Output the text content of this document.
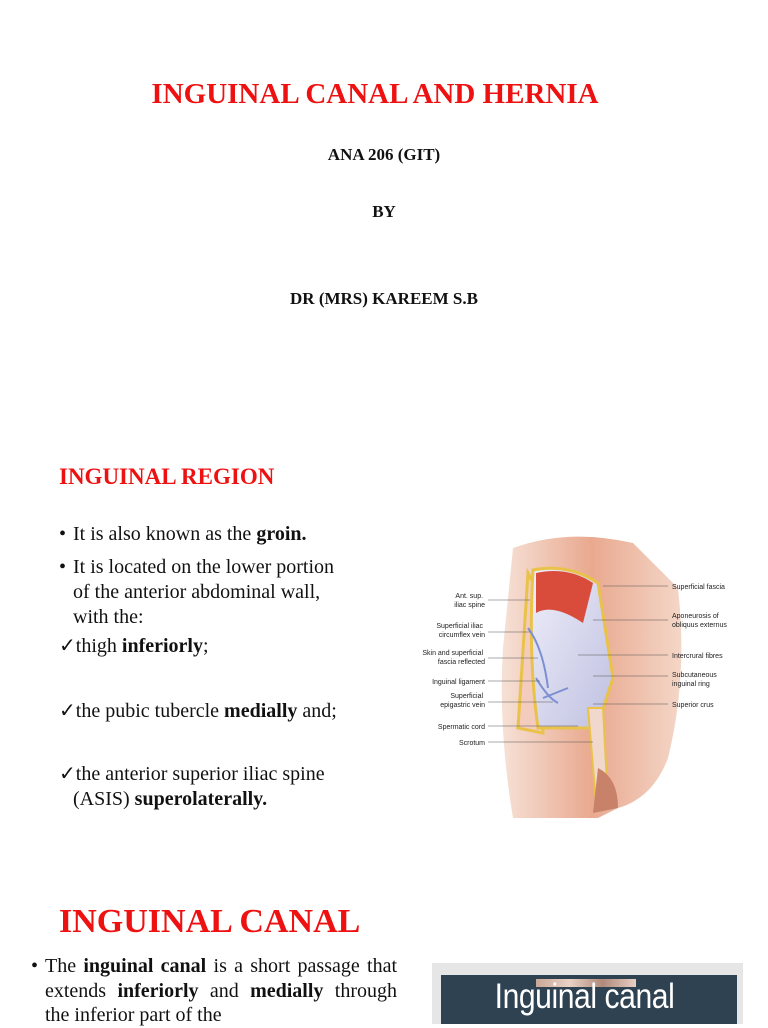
INGUINAL CANAL AND HERNIA
ANA 206 (GIT)
BY
DR (MRS) KAREEM S.B
INGUINAL REGION
• It is also known as the groin.
• It is located on the lower portion
of the anterior abdominal wall,
with the:
✓thigh inferiorly;
✓the pubic tubercle medially and;
✓the anterior superior iliac spine
(ASIS) superolaterally.
Ant. sup. iliac spine
Superficial iliac circumflex vein
Skin and superficial fascia reflected
Inguinal ligament
Superficial epigastric vein
Spermatic cord
Scrotum
Superficial fascia
Aponeurosis of obliquus externus
Intercrural fibres
Subcutaneous inguinal ring
Superior crus
INGUINAL CANAL
• The inguinal canal is a short passage that extends inferiorly and medially through the inferior part of the	Inguinal canal
